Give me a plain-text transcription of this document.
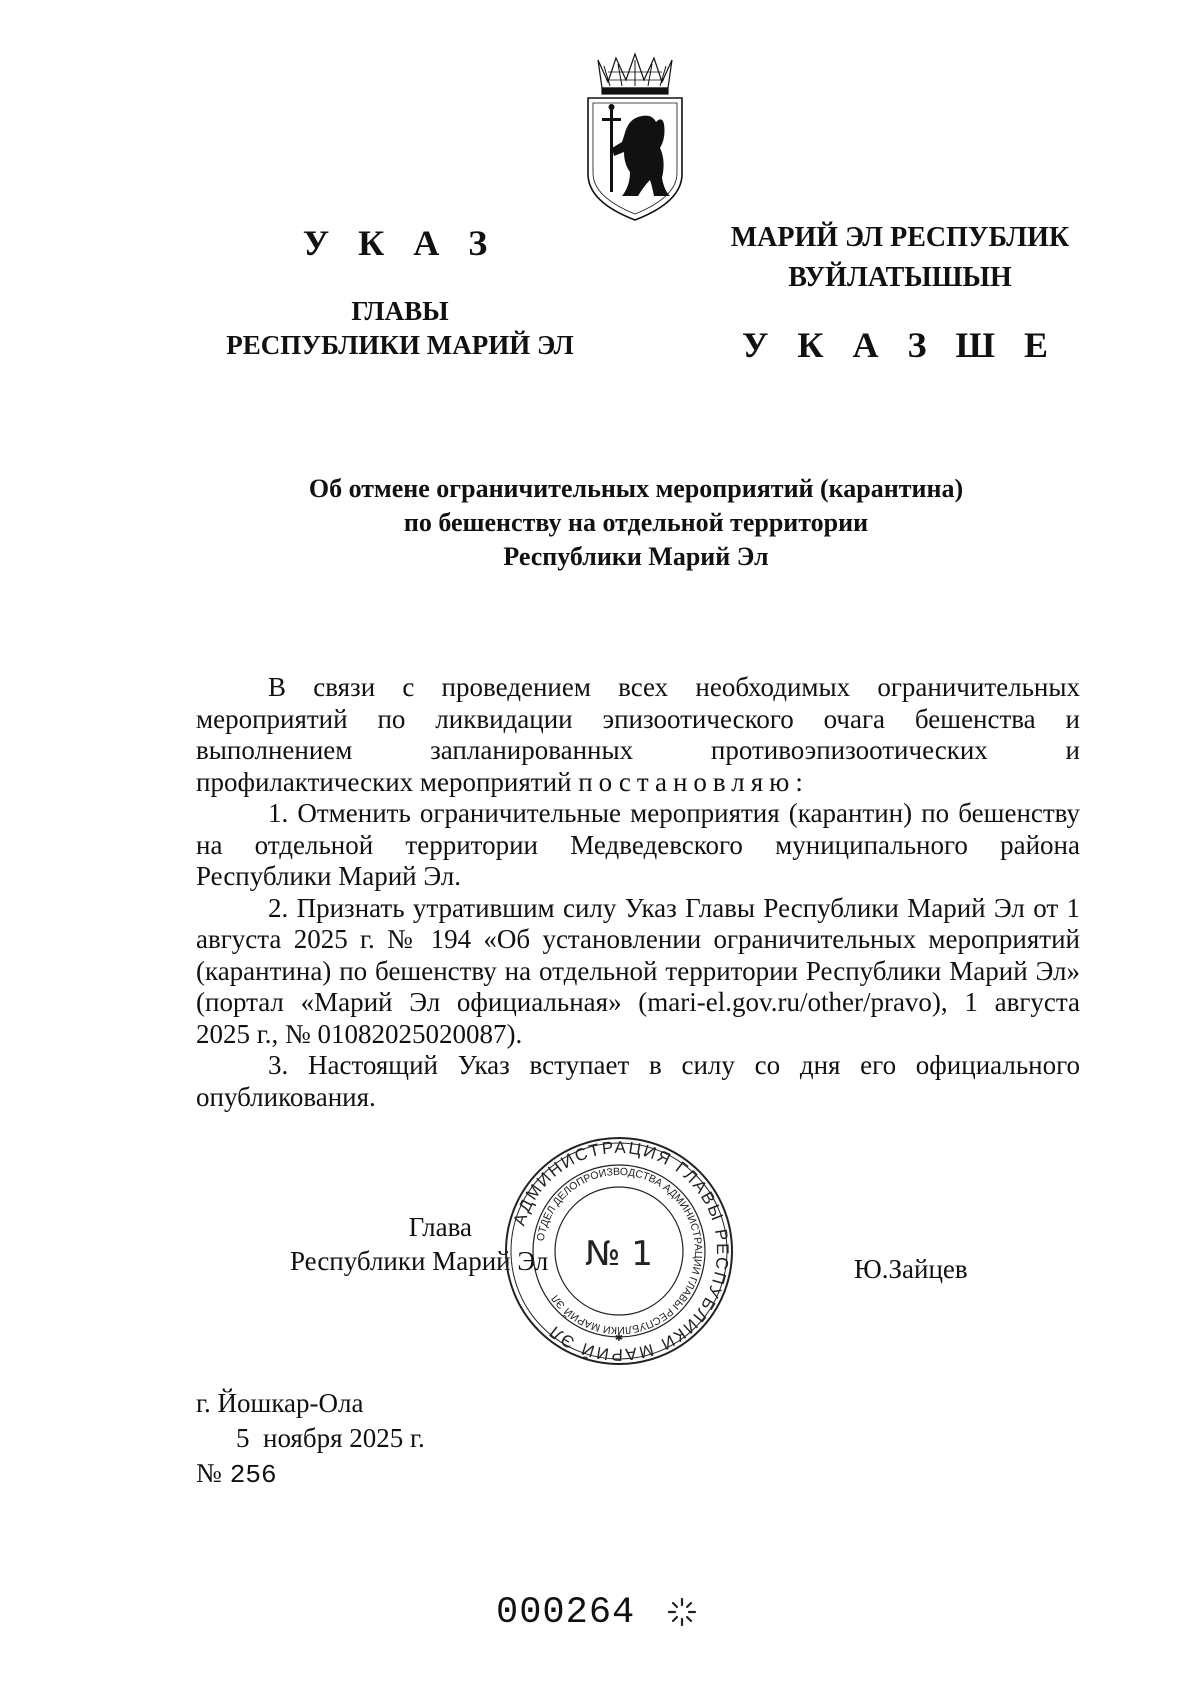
У К А З
ГЛАВЫ
РЕСПУБЛИКИ МАРИЙ ЭЛ
МАРИЙ ЭЛ РЕСПУБЛИК
ВУЙЛАТЫШЫН
У К А З Ш Е
Об отмене ограничительных мероприятий (карантина)
по бешенству на отдельной территории
Республики Марий Эл

В связи с проведением всех необходимых ограничительных мероприятий по ликвидации эпизоотического очага бешенства и выполнением запланированных противоэпизоотических и профилактических мероприятий постановляю:

1. Отменить ограничительные мероприятия (карантин) по бешенству на отдельной территории Медведевского муниципального района Республики Марий Эл.

2. Признать утратившим силу Указ Главы Республики Марий Эл от 1 августа 2025 г. № 194 «Об установлении ограничительных мероприятий (карантина) по бешенству на отдельной территории Республики Марий Эл» (портал «Марий Эл официальная» (mari-el.gov.ru/other/pravo), 1 августа 2025 г., № 01082025020087).

3. Настоящий Указ вступает в силу со дня его официального опубликования.

Глава
Республики Марий Эл	Ю.Зайцев
АДМИНИСТРАЦИЯ ГЛАВЫ РЕСПУБЛИКИ МАРИЙ ЭЛ
ОТДЕЛ ДЕЛОПРОИЗВОДСТВА АДМИНИСТРАЦИИ ГЛАВЫ РЕСПУБЛИКИ МАРИЙ ЭЛ
№ 1
✱
г. Йошкар-Ола
5  ноября 2025 г.
№ 256
000264
